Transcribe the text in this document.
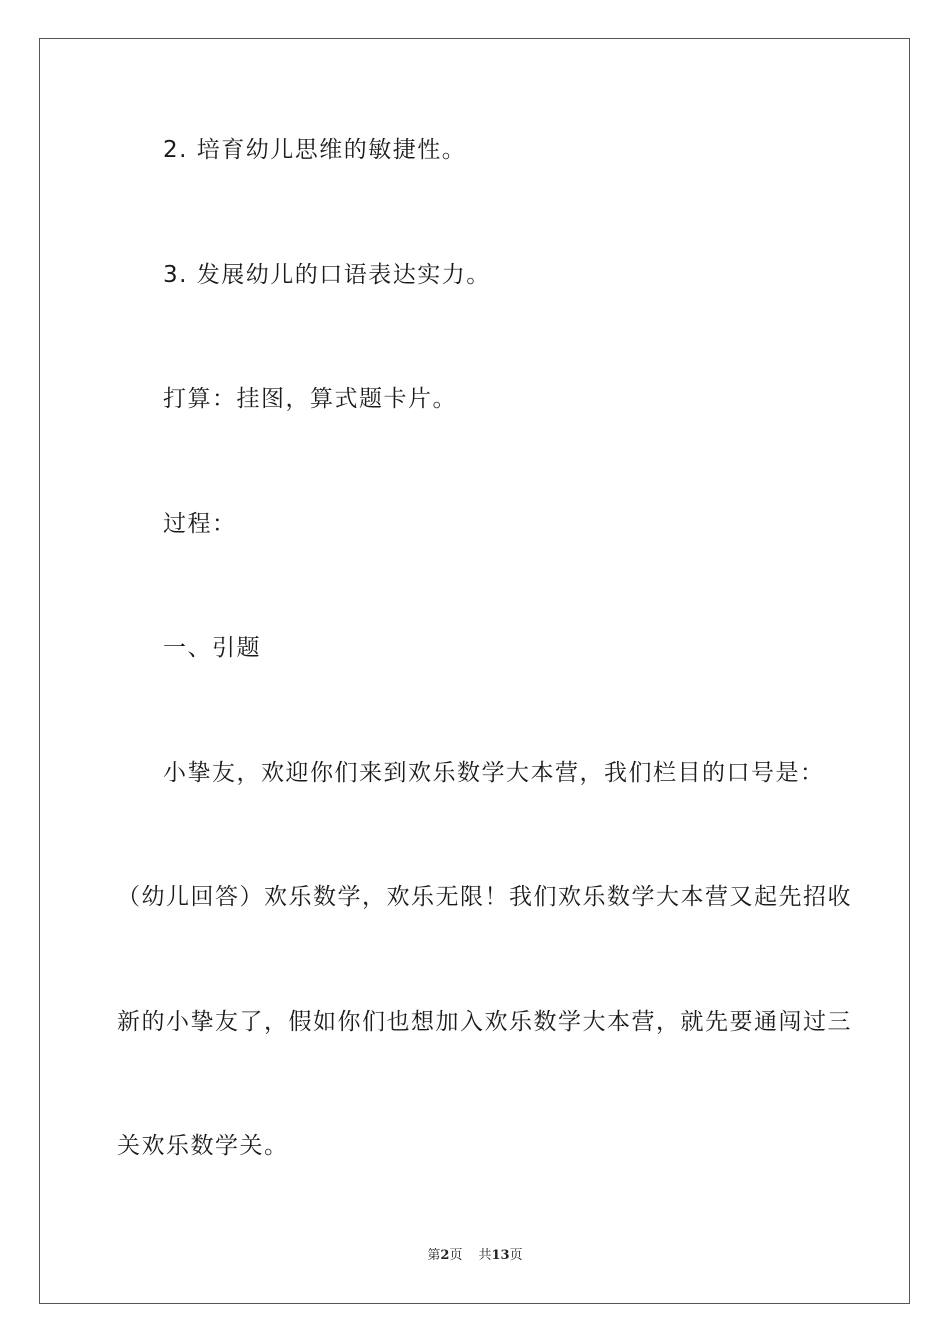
2. 培育幼儿思维的敏捷性。
3. 发展幼儿的口语表达实力。
打算：挂图，算式题卡片。
过程：
一、引题
小挚友，欢迎你们来到欢乐数学大本营，我们栏目的口号是：
（幼儿回答）欢乐数学，欢乐无限！我们欢乐数学大本营又起先招收
新的小挚友了，假如你们也想加入欢乐数学大本营，就先要通闯过三
关欢乐数学关。
第2页 共13页
